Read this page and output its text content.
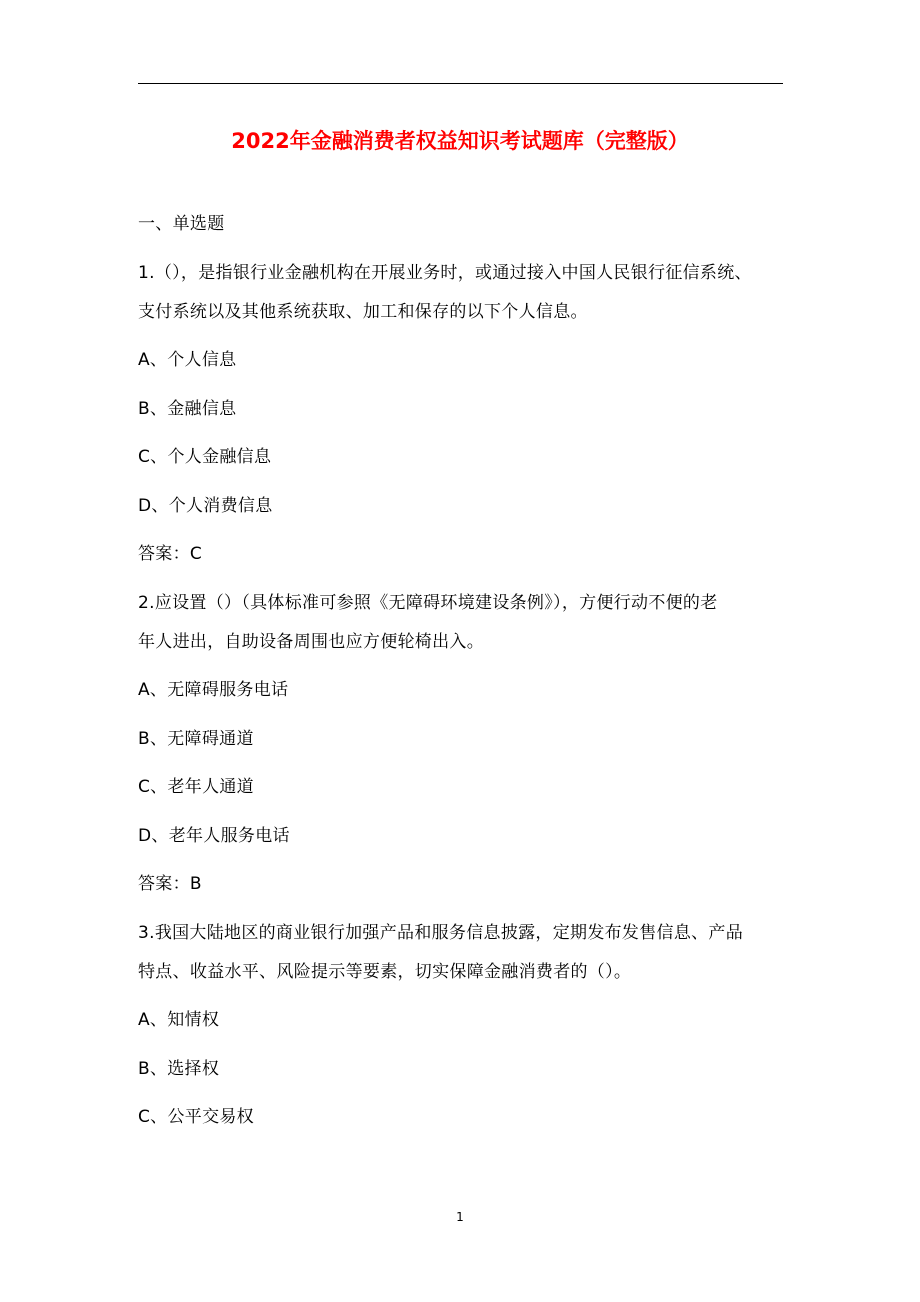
2022年金融消费者权益知识考试题库（完整版）
一、单选题
1.（），是指银行业金融机构在开展业务时，或通过接入中国人民银行征信系统、
支付系统以及其他系统获取、加工和保存的以下个人信息。
A、个人信息
B、金融信息
C、个人金融信息
D、个人消费信息
答案：C
2.应设置（）（具体标准可参照《无障碍环境建设条例》），方便行动不便的老
年人进出，自助设备周围也应方便轮椅出入。
A、无障碍服务电话
B、无障碍通道
C、老年人通道
D、老年人服务电话
答案：B
3.我国大陆地区的商业银行加强产品和服务信息披露，定期发布发售信息、产品
特点、收益水平、风险提示等要素，切实保障金融消费者的（）。
A、知情权
B、选择权
C、公平交易权
1
